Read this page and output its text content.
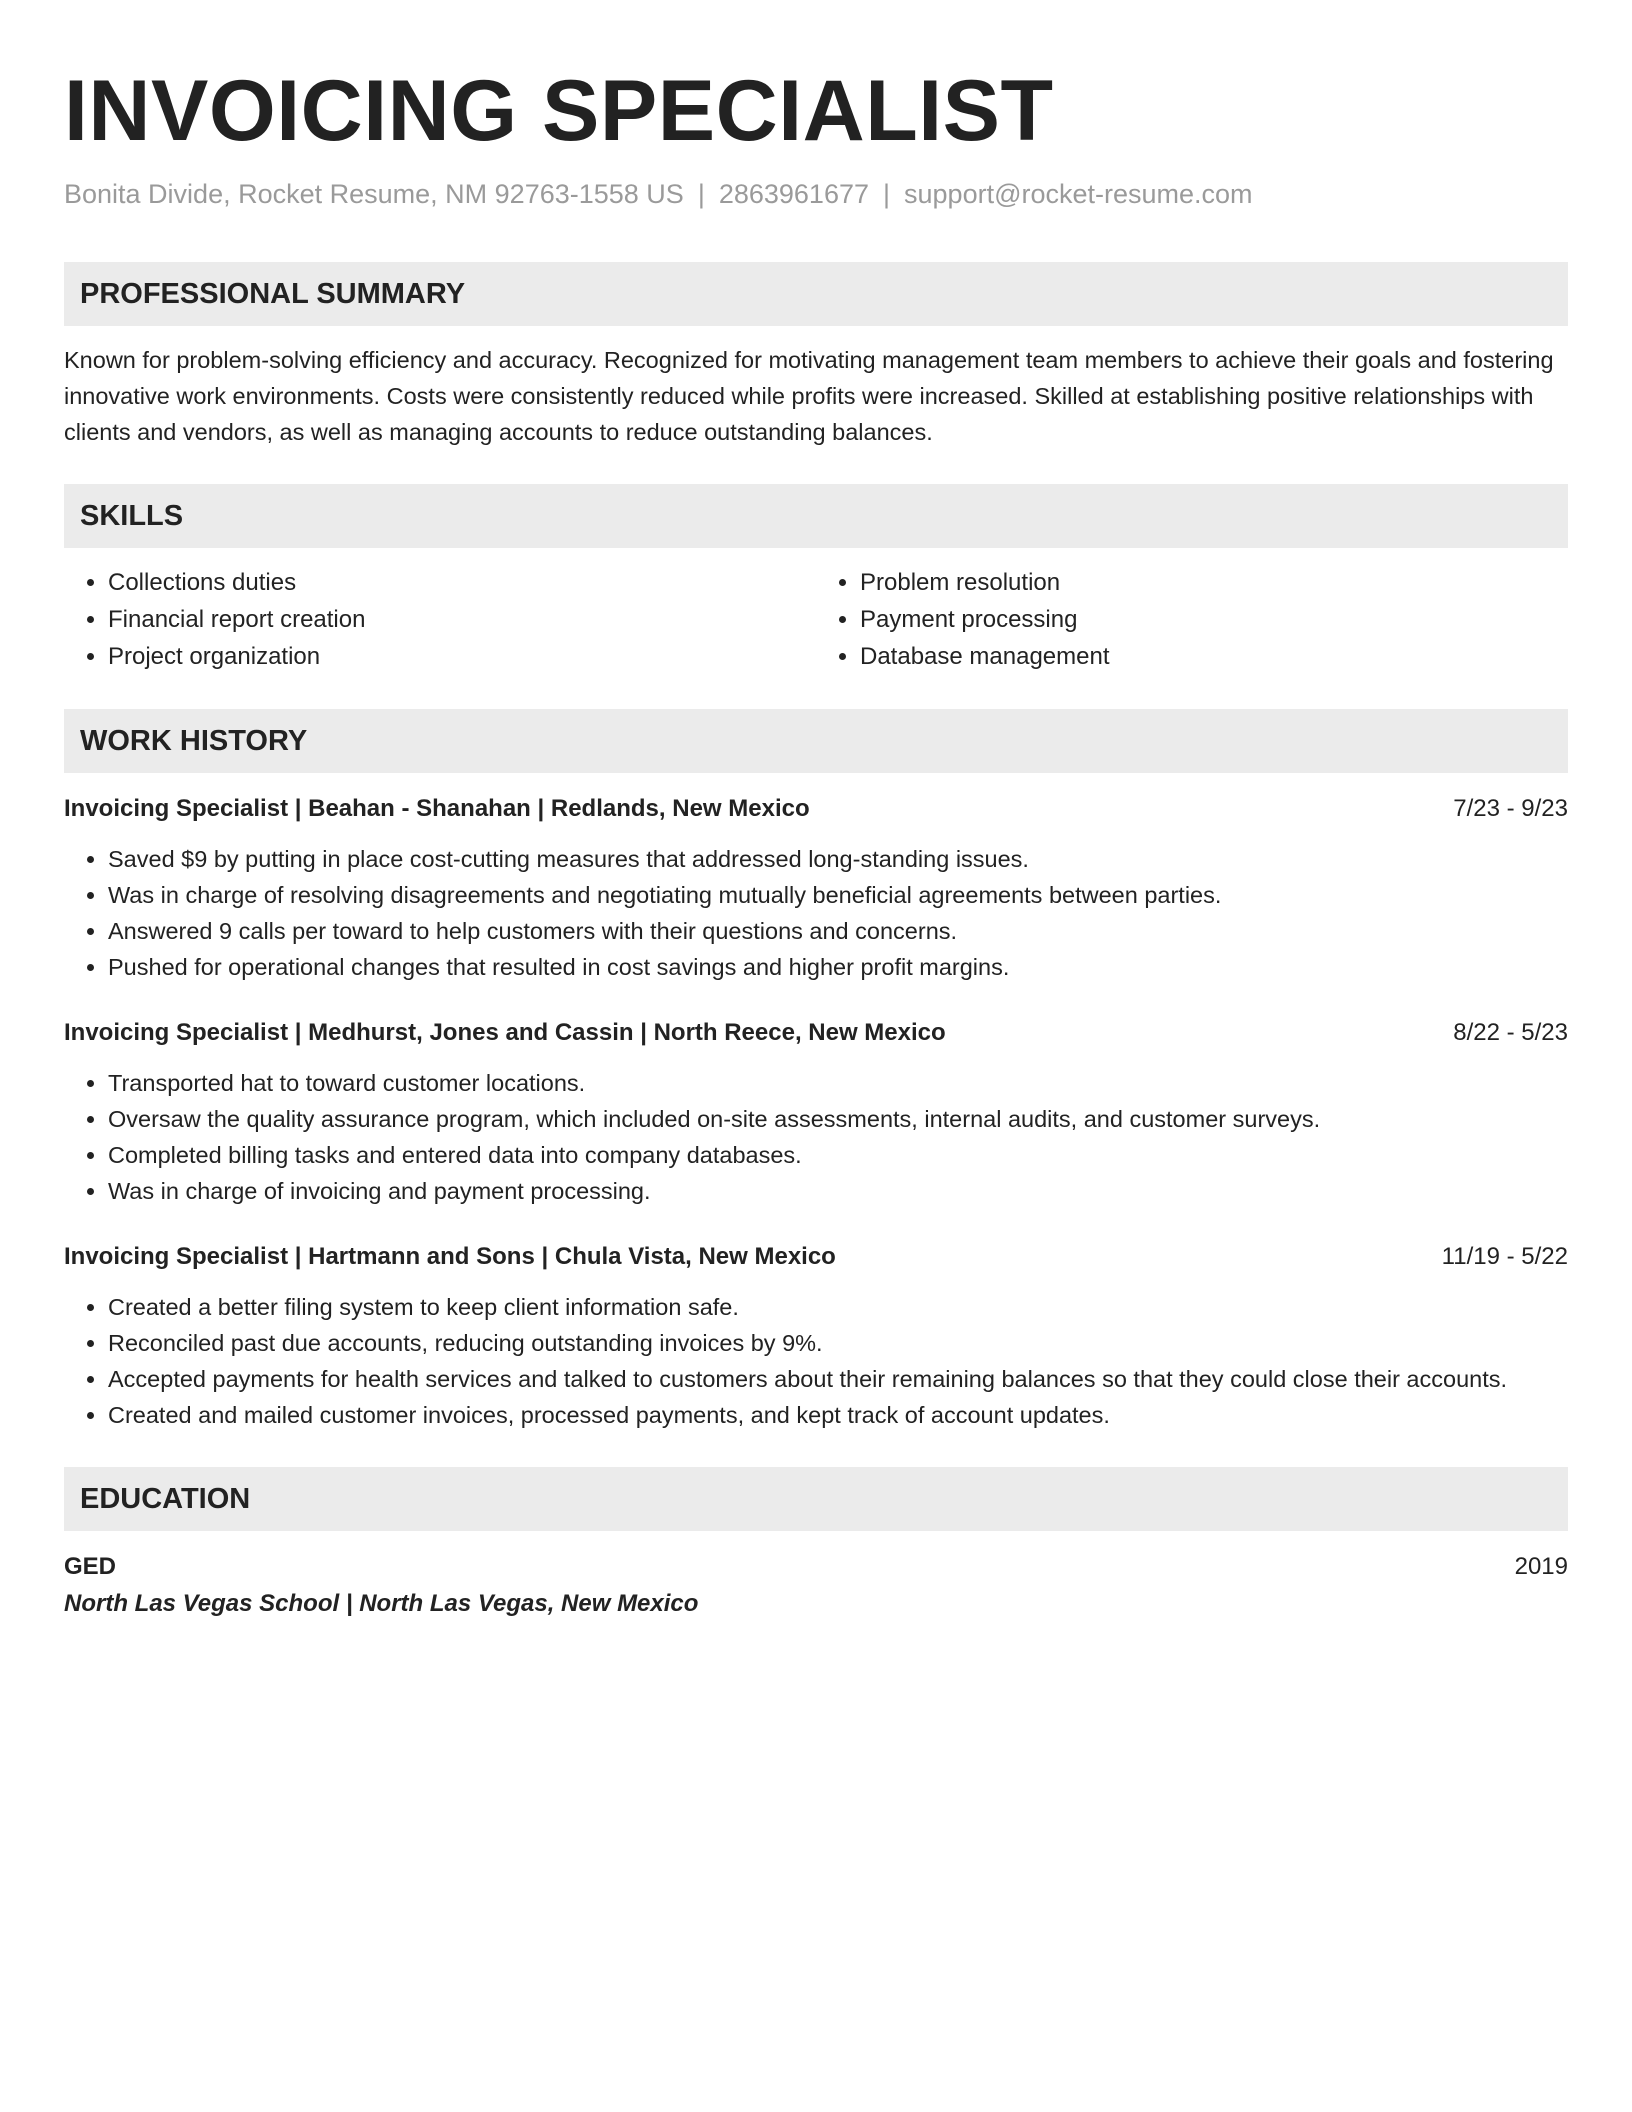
INVOICING SPECIALIST
Bonita Divide, Rocket Resume, NM 92763-1558 US | 2863961677 | support@rocket-resume.com
PROFESSIONAL SUMMARY

Known for problem-solving efficiency and accuracy. Recognized for motivating management team members to achieve their goals and fostering innovative work environments. Costs were consistently reduced while profits were increased. Skilled at establishing positive relationships with clients and vendors, as well as managing accounts to reduce outstanding balances.

SKILLS
• Collections duties
• Financial report creation
• Project organization
• Problem resolution
• Payment processing
• Database management
WORK HISTORY
Invoicing Specialist | Beahan - Shanahan | Redlands, New Mexico	7/23 - 9/23
• Saved $9 by putting in place cost-cutting measures that addressed long-standing issues.
• Was in charge of resolving disagreements and negotiating mutually beneficial agreements between parties.
• Answered 9 calls per toward to help customers with their questions and concerns.
• Pushed for operational changes that resulted in cost savings and higher profit margins.
Invoicing Specialist | Medhurst, Jones and Cassin | North Reece, New Mexico	8/22 - 5/23
• Transported hat to toward customer locations.
• Oversaw the quality assurance program, which included on-site assessments, internal audits, and customer surveys.
• Completed billing tasks and entered data into company databases.
• Was in charge of invoicing and payment processing.
Invoicing Specialist | Hartmann and Sons | Chula Vista, New Mexico	11/19 - 5/22
• Created a better filing system to keep client information safe.
• Reconciled past due accounts, reducing outstanding invoices by 9%.
• Accepted payments for health services and talked to customers about their remaining balances so that they could close their accounts.
• Created and mailed customer invoices, processed payments, and kept track of account updates.
EDUCATION
GED	2019
North Las Vegas School | North Las Vegas, New Mexico
